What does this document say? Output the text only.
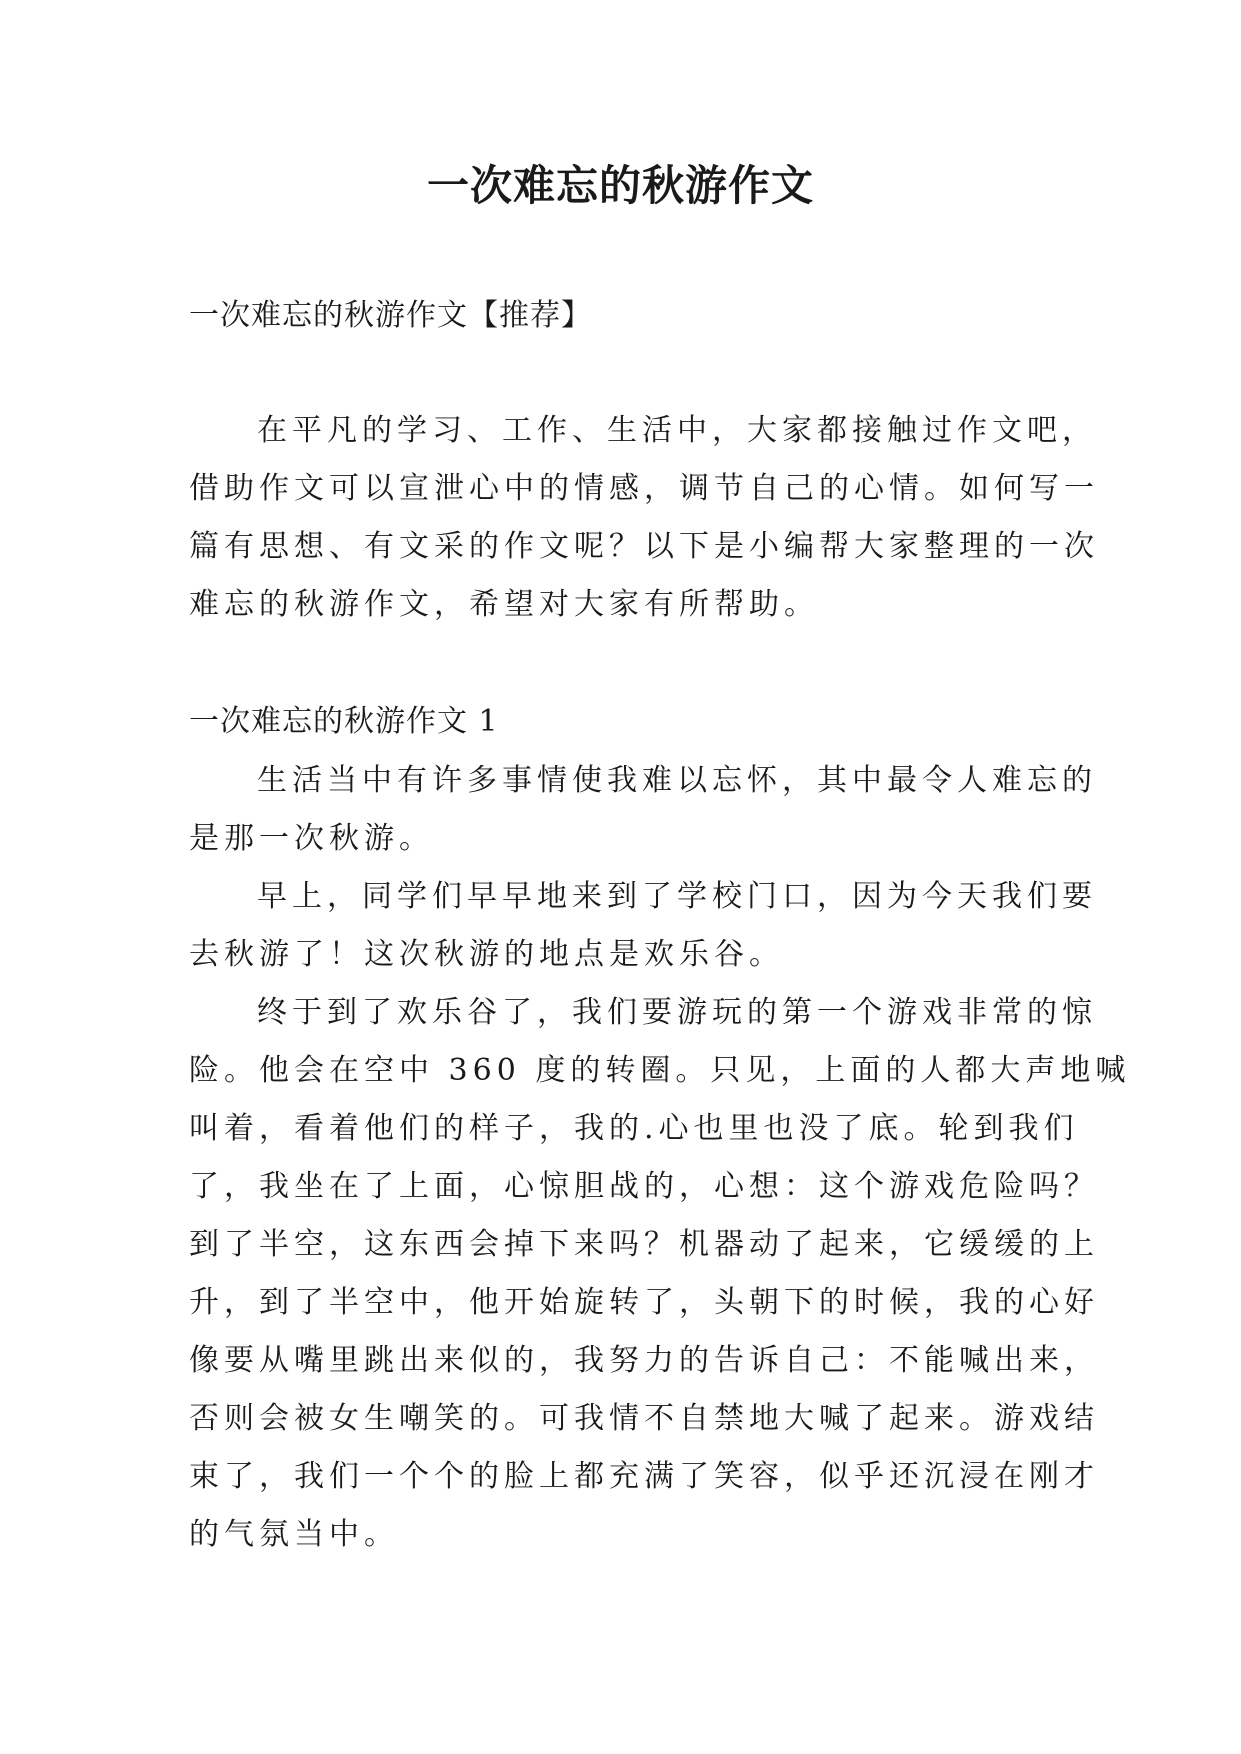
一次难忘的秋游作文
一次难忘的秋游作文【推荐】
在平凡的学习、工作、生活中，大家都接触过作文吧，
借助作文可以宣泄心中的情感，调节自己的心情。如何写一
篇有思想、有文采的作文呢？以下是小编帮大家整理的一次
难忘的秋游作文，希望对大家有所帮助。
一次难忘的秋游作文 1
生活当中有许多事情使我难以忘怀，其中最令人难忘的
是那一次秋游。
早上，同学们早早地来到了学校门口，因为今天我们要
去秋游了！这次秋游的地点是欢乐谷。
终于到了欢乐谷了，我们要游玩的第一个游戏非常的惊
险。他会在空中 360 度的转圈。只见，上面的人都大声地喊
叫着，看着他们的样子，我的.心也里也没了底。轮到我们
了，我坐在了上面，心惊胆战的，心想：这个游戏危险吗？
到了半空，这东西会掉下来吗？机器动了起来，它缓缓的上
升，到了半空中，他开始旋转了，头朝下的时候，我的心好
像要从嘴里跳出来似的，我努力的告诉自己：不能喊出来，
否则会被女生嘲笑的。可我情不自禁地大喊了起来。游戏结
束了，我们一个个的脸上都充满了笑容，似乎还沉浸在刚才
的气氛当中。
